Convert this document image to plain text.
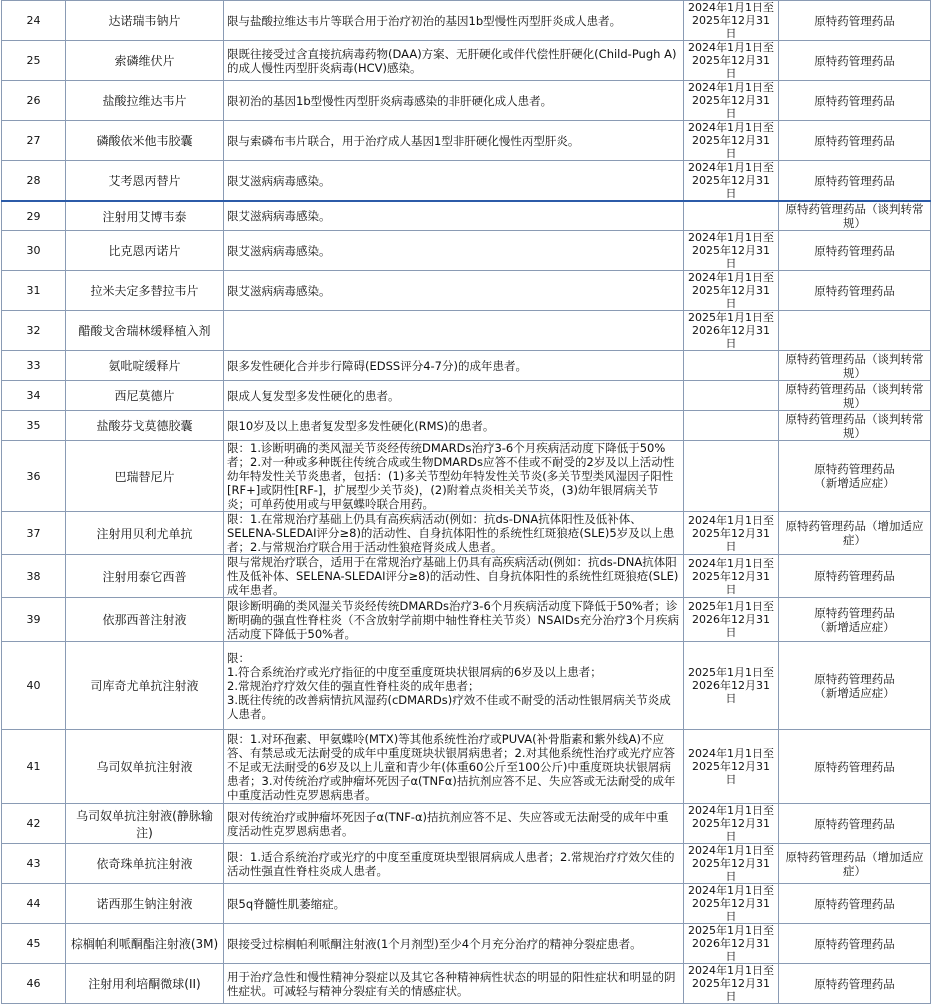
24	达诺瑞韦钠片	限与盐酸拉维达韦片等联合用于治疗初治的基因1b型慢性丙型肝炎成人患者。	2024年1月1日至
2025年12月31日	原特药管理药品
25	索磷维伏片	限既往接受过含直接抗病毒药物(DAA)方案、无肝硬化或伴代偿性肝硬化(Child-Pugh A)的成人慢性丙型肝炎病毒(HCV)感染。	2024年1月1日至
2025年12月31日	原特药管理药品
26	盐酸拉维达韦片	限初治的基因1b型慢性丙型肝炎病毒感染的非肝硬化成人患者。	2024年1月1日至
2025年12月31日	原特药管理药品
27	磷酸依米他韦胶囊	限与索磷布韦片联合，用于治疗成人基因1型非肝硬化慢性丙型肝炎。	2024年1月1日至
2025年12月31日	原特药管理药品
28	艾考恩丙替片	限艾滋病病毒感染。	2024年1月1日至
2025年12月31日	原特药管理药品
29	注射用艾博韦泰	限艾滋病病毒感染。		原特药管理药品（谈判转常
规）
30	比克恩丙诺片	限艾滋病病毒感染。	2024年1月1日至
2025年12月31日	原特药管理药品
31	拉米夫定多替拉韦片	限艾滋病病毒感染。	2024年1月1日至
2025年12月31日	原特药管理药品
32	醋酸戈舍瑞林缓释植入剂		2025年1月1日至
2026年12月31日	
33	氨吡啶缓释片	限多发性硬化合并步行障碍(EDSS评分4-7分)的成年患者。		原特药管理药品（谈判转常
规）
34	西尼莫德片	限成人复发型多发性硬化的患者。		原特药管理药品（谈判转常
规）
35	盐酸芬戈莫德胶囊	限10岁及以上患者复发型多发性硬化(RMS)的患者。		原特药管理药品（谈判转常
规）
36	巴瑞替尼片	限：1.诊断明确的类风湿关节炎经传统DMARDs治疗3-6个月疾病活动度下降低于50%者；2.对一种或多种既往传统合成或生物DMARDs应答不佳或不耐受的2岁及以上活动性幼年特发性关节炎患者，包括：(1)多关节型幼年特发性关节炎(多关节型类风湿因子阳性[RF+]或阴性[RF-]，扩展型少关节炎)，(2)附着点炎相关关节炎，(3)幼年银屑病关节炎；可单药使用或与甲氨蝶呤联合用药。		原特药管理药品
（新增适应症）
37	注射用贝利尤单抗	限：1.在常规治疗基础上仍具有高疾病活动(例如：抗ds-DNA抗体阳性及低补体、SELENA-SLEDAI评分≥8)的活动性、自身抗体阳性的系统性红斑狼疮(SLE)5岁及以上患者；2.与常规治疗联合用于活动性狼疮肾炎成人患者。	2024年1月1日至
2025年12月31日	原特药管理药品（增加适应
症）
38	注射用泰它西普	限与常规治疗联合，适用于在常规治疗基础上仍具有高疾病活动(例如：抗ds-DNA抗体阳性及低补体、SELENA-SLEDAI评分≥8)的活动性、自身抗体阳性的系统性红斑狼疮(SLE)成年患者。	2024年1月1日至
2025年12月31日	原特药管理药品
39	依那西普注射液	限诊断明确的类风湿关节炎经传统DMARDs治疗3-6个月疾病活动度下降低于50%者；诊断明确的强直性脊柱炎（不含放射学前期中轴性脊柱关节炎）NSAIDs充分治疗3个月疾病活动度下降低于50%者。	2025年1月1日至
2026年12月31日	原特药管理药品
（新增适应症）
40	司库奇尤单抗注射液	限：
1.符合系统治疗或光疗指征的中度至重度斑块状银屑病的6岁及以上患者；
2.常规治疗疗效欠佳的强直性脊柱炎的成年患者；
3.既往传统的改善病情抗风湿药(cDMARDs)疗效不佳或不耐受的活动性银屑病关节炎成人患者。	2025年1月1日至
2026年12月31日	原特药管理药品
（新增适应症）
41	乌司奴单抗注射液	限：1.对环孢素、甲氨蝶呤(MTX)等其他系统性治疗或PUVA(补骨脂素和紫外线A)不应答、有禁忌或无法耐受的成年中重度斑块状银屑病患者；2.对其他系统性治疗或光疗应答不足或无法耐受的6岁及以上儿童和青少年(体重60公斤至100公斤)中重度斑块状银屑病患者；3.对传统治疗或肿瘤坏死因子α(TNFα)拮抗剂应答不足、失应答或无法耐受的成年中重度活动性克罗恩病患者。	2024年1月1日至
2025年12月31日	原特药管理药品
42	乌司奴单抗注射液(静脉输 注)	限对传统治疗或肿瘤坏死因子α(TNF-α)拮抗剂应答不足、失应答或无法耐受的成年中重度活动性克罗恩病患者。	2024年1月1日至
2025年12月31日	原特药管理药品
43	依奇珠单抗注射液	限：1.适合系统治疗或光疗的中度至重度斑块型银屑病成人患者；2.常规治疗疗效欠佳的活动性强直性脊柱炎成人患者。	2024年1月1日至
2025年12月31日	原特药管理药品（增加适应
症）
44	诺西那生钠注射液	限5q脊髓性肌萎缩症。	2024年1月1日至
2025年12月31日	原特药管理药品
45	棕榈帕利哌酮酯注射液(3M)	限接受过棕榈帕利哌酮注射液(1个月剂型)至少4个月充分治疗的精神分裂症患者。	2025年1月1日至
2026年12月31日	原特药管理药品
46	注射用利培酮微球(II)	用于治疗急性和慢性精神分裂症以及其它各种精神病性状态的明显的阳性症状和明显的阴性症状。可减轻与精神分裂症有关的情感症状。	2024年1月1日至
2025年12月31日	原特药管理药品
